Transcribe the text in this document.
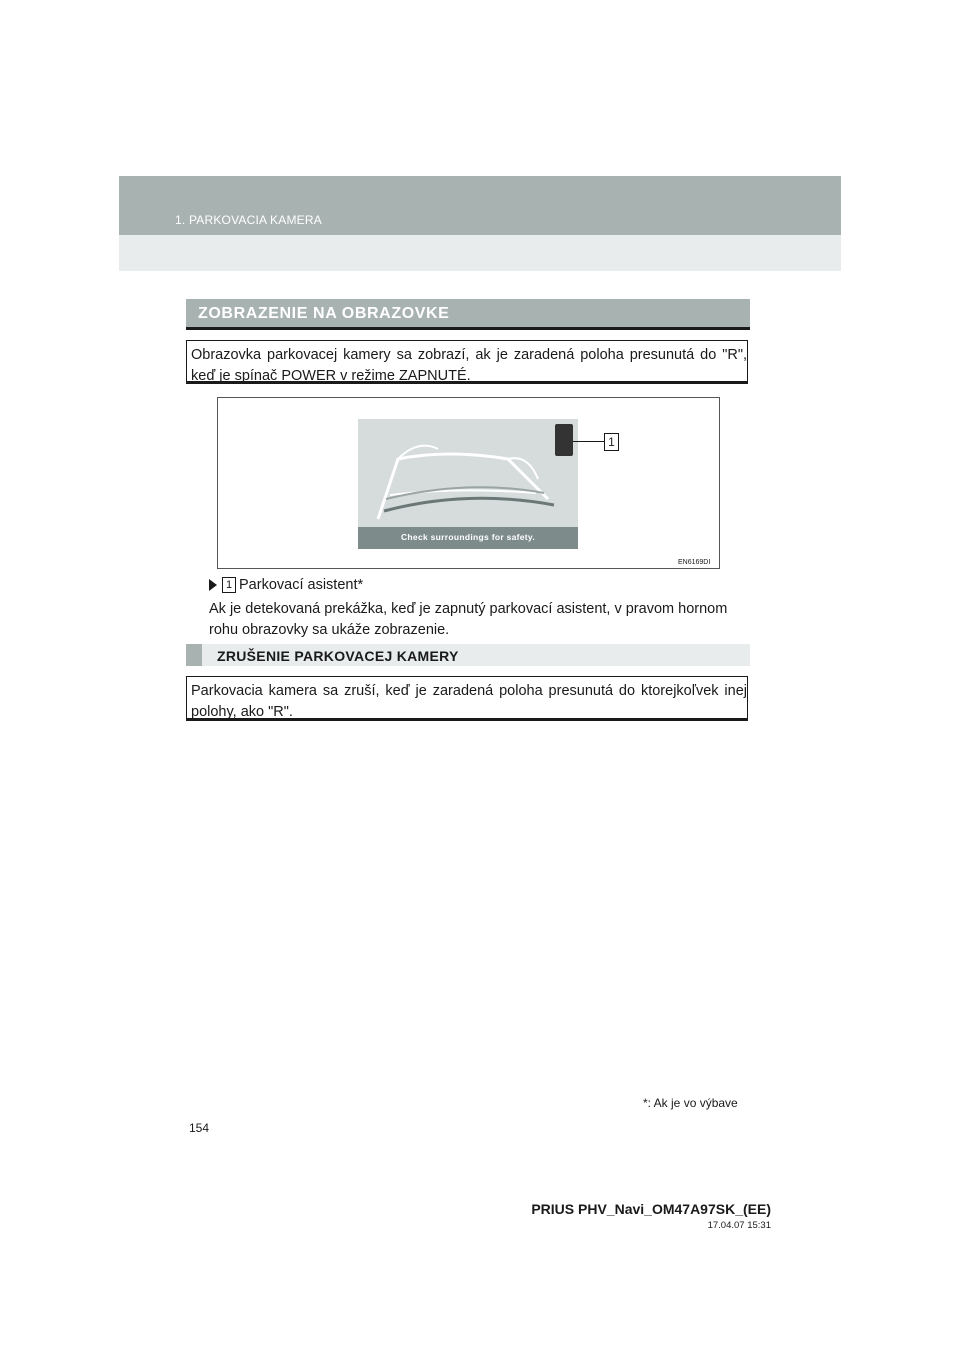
1. PARKOVACIA KAMERA
ZOBRAZENIE NA OBRAZOVKE
Obrazovka parkovacej kamery sa zobrazí, ak je zaradená poloha presunutá do "R", keď je spínač POWER v režime ZAPNUTÉ.
Check surroundings for safety.
1
EN6169DI
1 Parkovací asistent*
Ak je detekovaná prekážka, keď je zapnutý parkovací asistent, v pravom hornom rohu obrazovky sa ukáže zobrazenie.
ZRUŠENIE PARKOVACEJ KAMERY
Parkovacia kamera sa zruší, keď je zaradená poloha presunutá do ktorejkoľvek inej polohy, ako "R".
*: Ak je vo výbave
154
PRIUS PHV_Navi_OM47A97SK_(EE)
17.04.07 15:31
